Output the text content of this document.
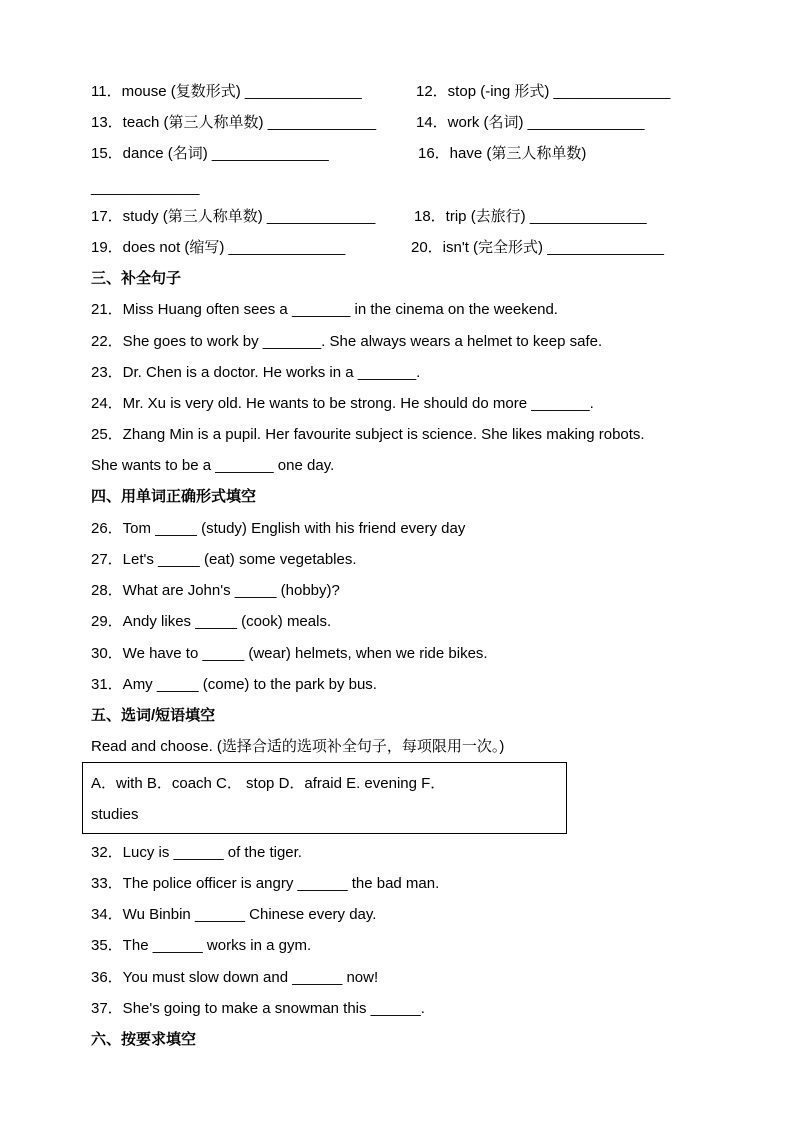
11．mouse (复数形式) ______________	12．stop (-ing 形式) ______________
13．teach (第三人称单数) _____________	14．work (名词) ______________
15．dance (名词) ______________	16．have (第三人称单数)
_____________
17．study (第三人称单数) _____________	18．trip (去旅行) ______________
19．does not (缩写) ______________	20．isn't (完全形式) ______________
三、补全句子
21．Miss Huang often sees a _______ in the cinema on the weekend.
22．She goes to work by _______. She always wears a helmet to keep safe.
23．Dr. Chen is a doctor. He works in a _______.
24．Mr. Xu is very old. He wants to be strong. He should do more _______.
25．Zhang Min is a pupil. Her favourite subject is science. She likes making robots.
She wants to be a _______ one day.
四、用单词正确形式填空
26．Tom _____ (study) English with his friend every day
27．Let's _____ (eat) some vegetables.
28．What are John's _____ (hobby)?
29．Andy likes _____ (cook) meals.
30．We have to _____ (wear) helmets, when we ride bikes.
31．Amy _____ (come) to the park by bus.
五、选词/短语填空
Read and choose. (选择合适的选项补全句子，每项限用一次。)
A．with B．coach C． stop D．afraid E. evening F．
studies
32．Lucy is ______ of the tiger.
33．The police officer is angry ______ the bad man.
34．Wu Binbin ______ Chinese every day.
35．The ______ works in a gym.
36．You must slow down and ______ now!
37．She's going to make a snowman this ______.
六、按要求填空
